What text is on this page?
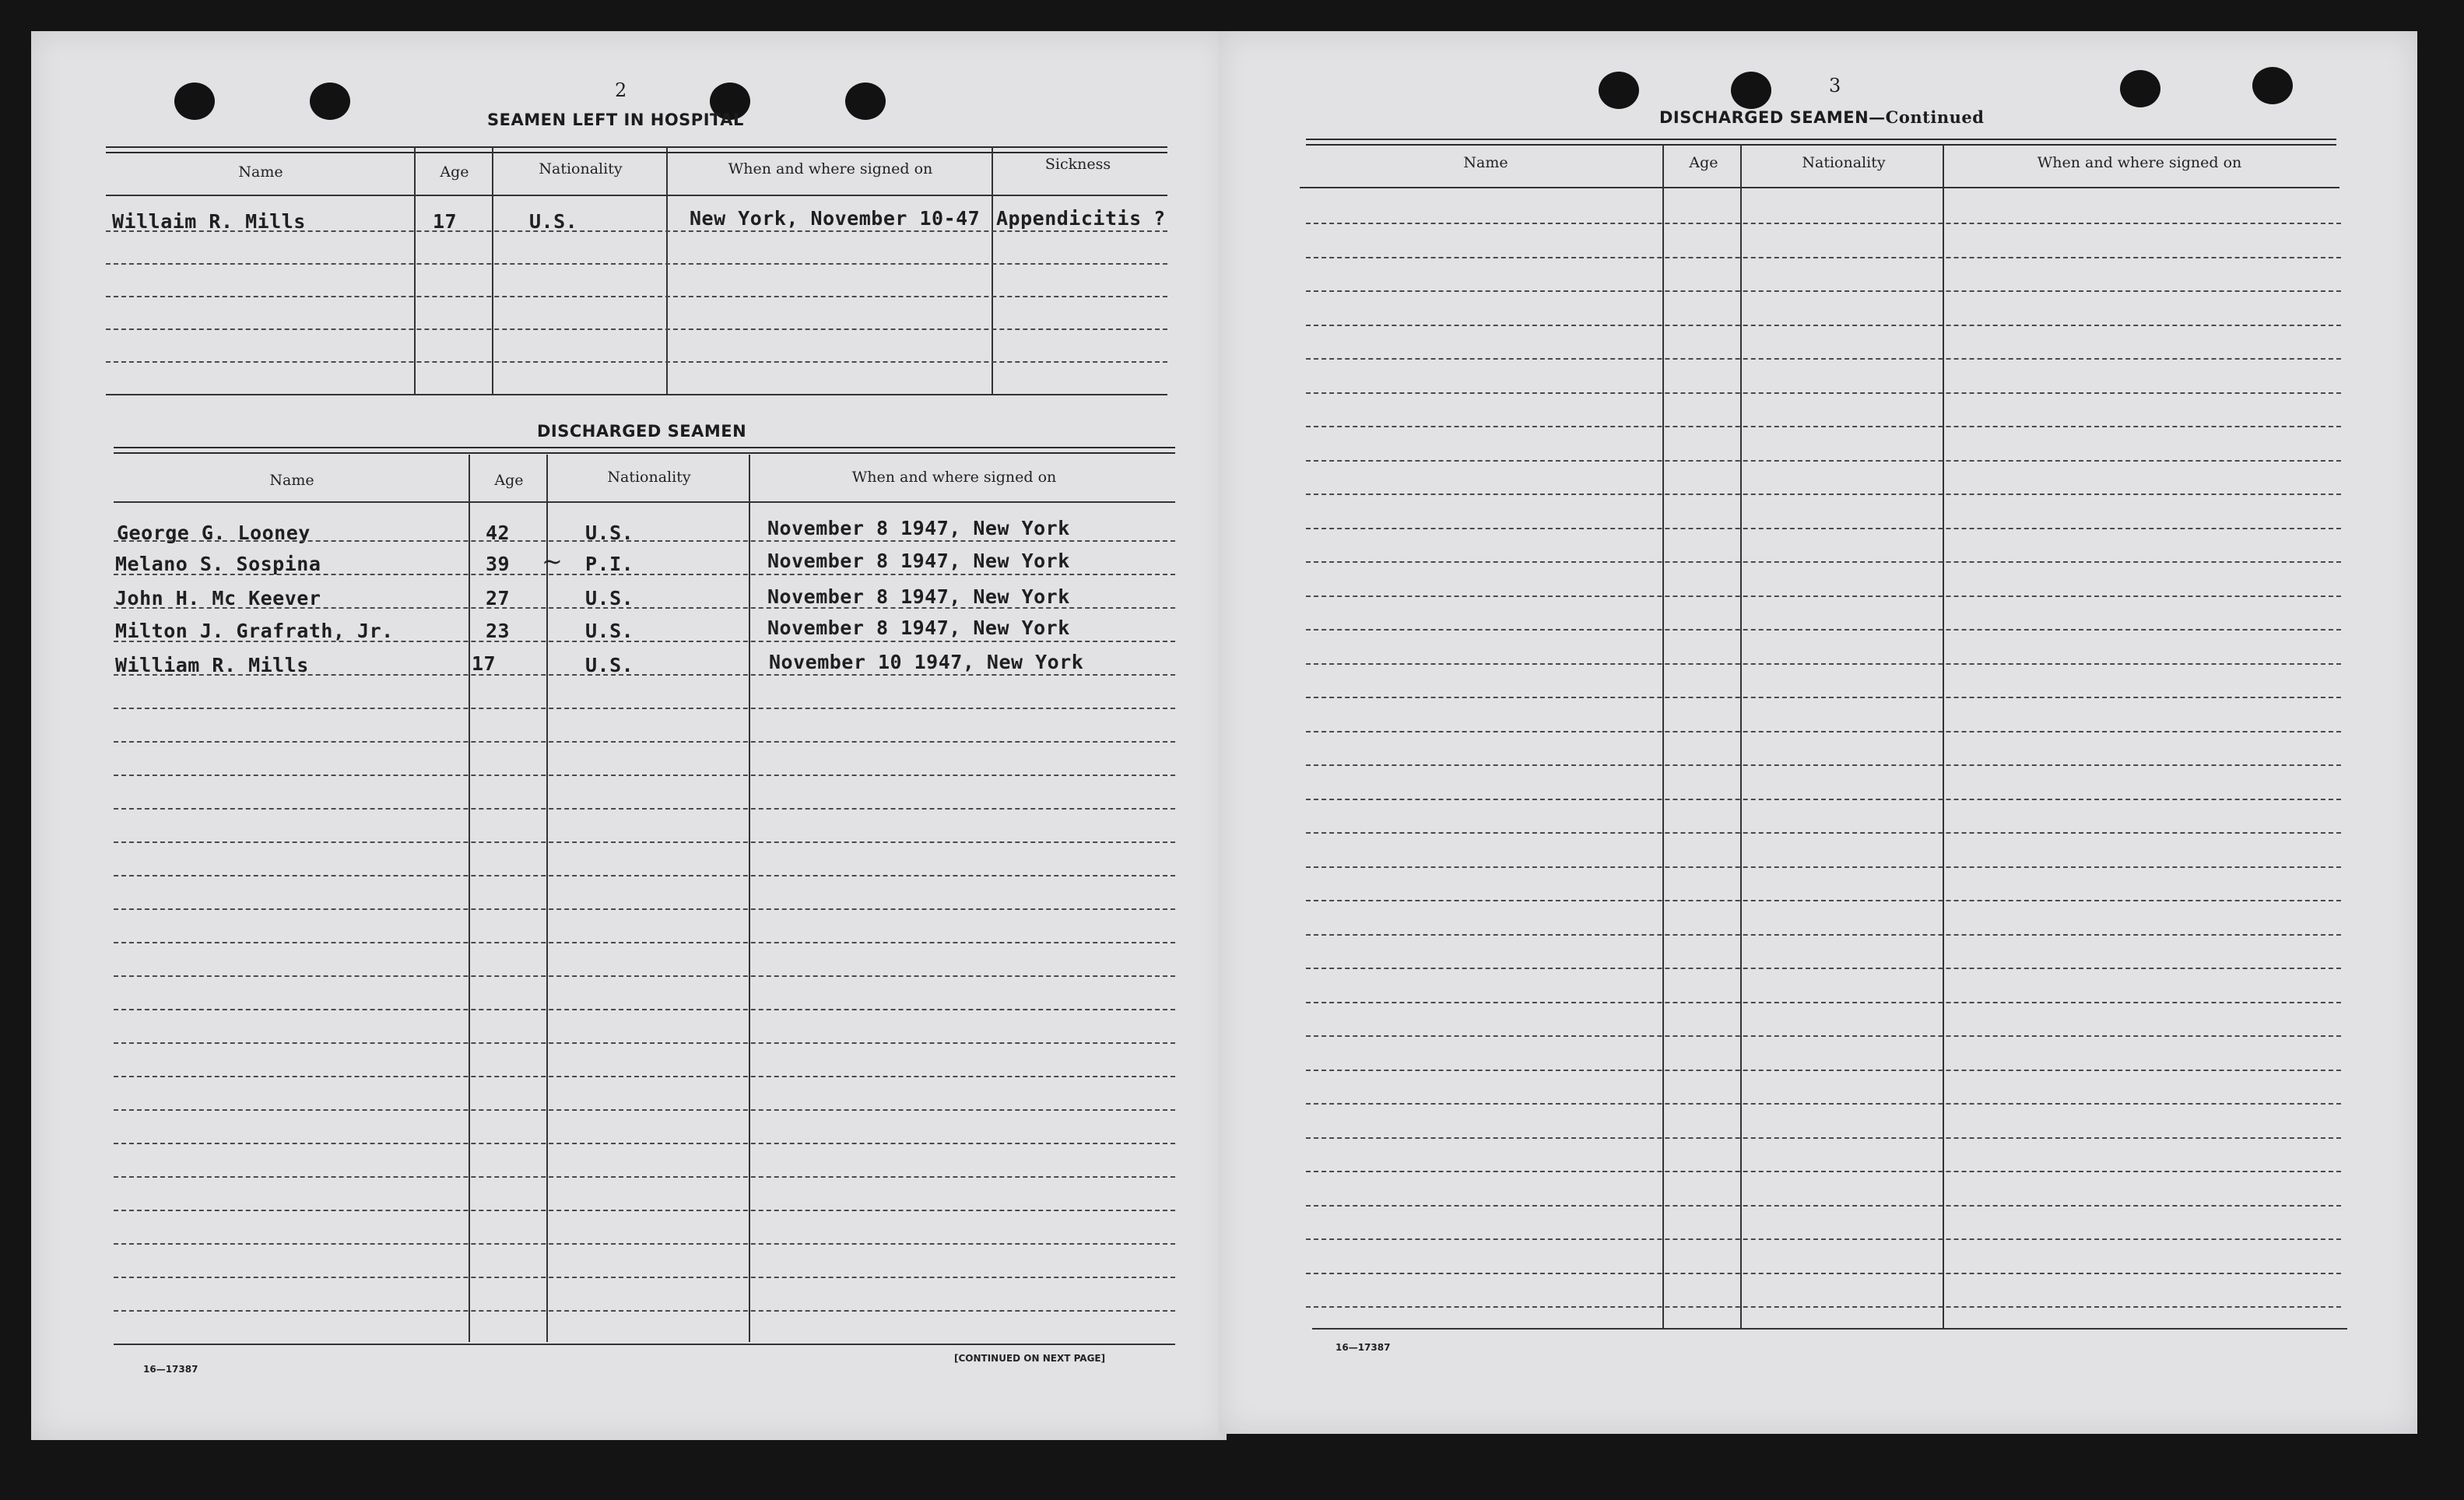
2
SEAMEN LEFT IN HOSPITAL
Name	Age	Nationality	When and where signed on	Sickness
Willaim R. Mills	17	U.S.	New York, November 10-47 Appendicitis ?
DISCHARGED SEAMEN
Name	Age	Nationality	When and where signed on
George G. Looney	42	U.S.	November 8 1947, New York
Melano S. Sospina	39 ~ P.I.	November 8 1947, New York
John H. Mc Keever	27	U.S.	November 8 1947, New York
Milton J. Grafrath, Jr.	23	U.S.	November 8 1947, New York
William R. Mills	17	U.S.	November 10 1947, New York
16—17387
[CONTINUED ON NEXT PAGE]
3
DISCHARGED SEAMEN—Continued
Name	Age	Nationality	When and where signed on
16—17387
